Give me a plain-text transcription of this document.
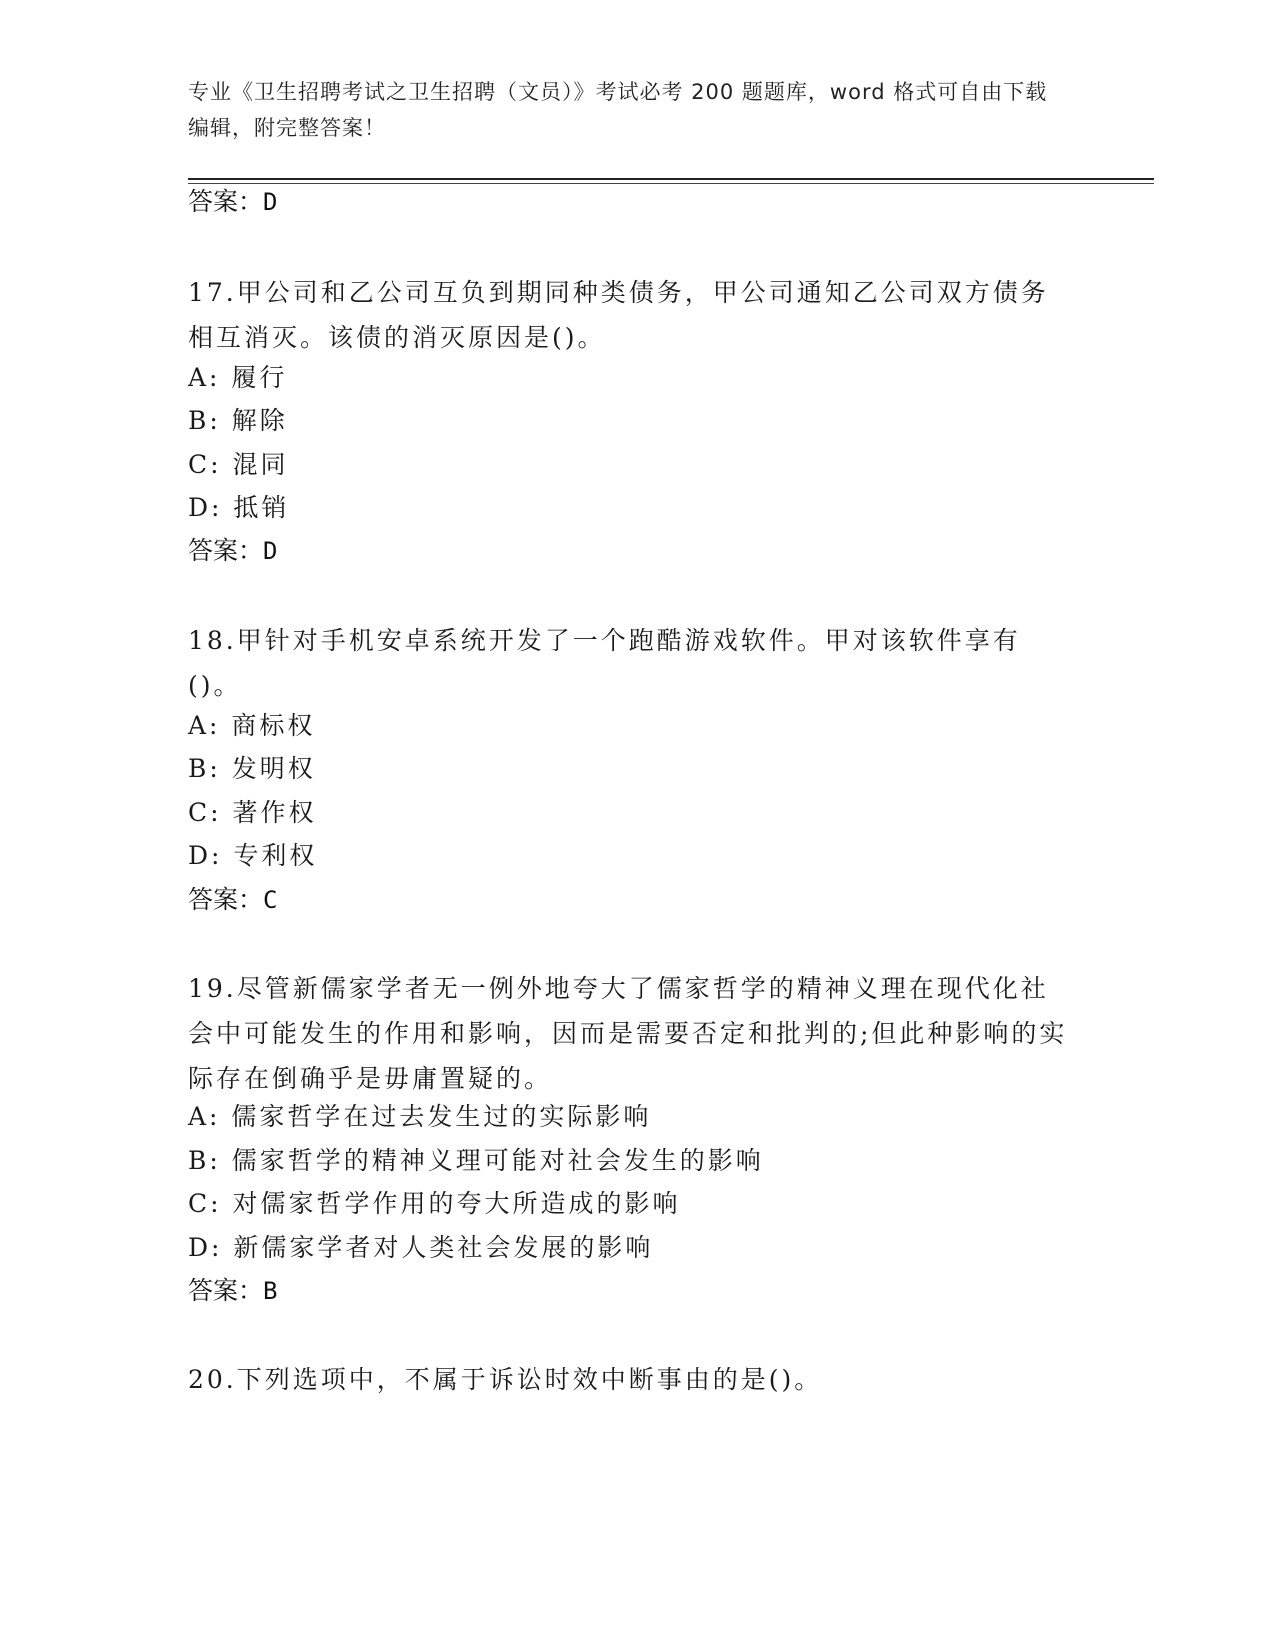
专业《卫生招聘考试之卫生招聘（文员）》考试必考 200 题题库，word 格式可自由下载编辑，附完整答案！
答案：D

17.甲公司和乙公司互负到期同种类债务，甲公司通知乙公司双方债务相互消灭。该债的消灭原因是()。

A: 履行
B: 解除
C: 混同
D: 抵销
答案：D

18.甲针对手机安卓系统开发了一个跑酷游戏软件。甲对该软件享有()。

A: 商标权
B: 发明权
C: 著作权
D: 专利权
答案：C

19.尽管新儒家学者无一例外地夸大了儒家哲学的精神义理在现代化社会中可能发生的作用和影响，因而是需要否定和批判的;但此种影响的实际存在倒确乎是毋庸置疑的。

A: 儒家哲学在过去发生过的实际影响
B: 儒家哲学的精神义理可能对社会发生的影响
C: 对儒家哲学作用的夸大所造成的影响
D: 新儒家学者对人类社会发展的影响
答案：B

20.下列选项中，不属于诉讼时效中断事由的是()。
